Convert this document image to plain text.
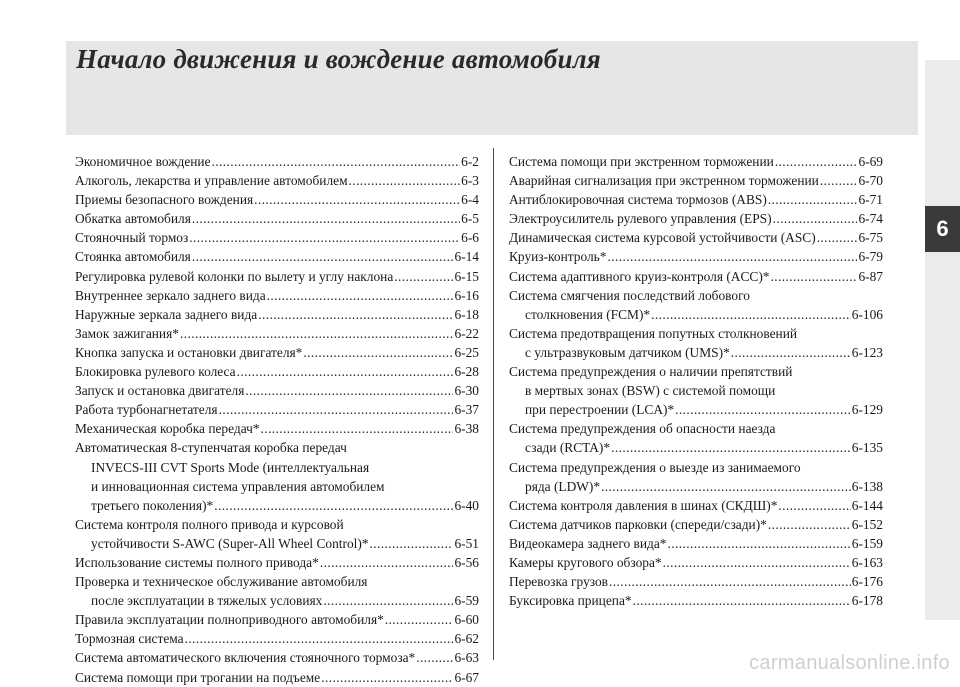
Начало движения и вождение автомобиля
6
Экономичное вождение .....	6-2
Алкоголь, лекарства и управление автомобилем .....	6-3
Приемы безопасного вождения .....	6-4
Обкатка автомобиля .....	6-5
Стояночный тормоз .....	6-6
Стоянка автомобиля .....	6-14
Регулировка рулевой колонки по вылету и углу наклона .....	6-15
Внутреннее зеркало заднего вида .....	6-16
Наружные зеркала заднего вида .....	6-18
Замок зажигания* .....	6-22
Кнопка запуска и остановки двигателя* .....	6-25
Блокировка рулевого колеса .....	6-28
Запуск и остановка двигателя .....	6-30
Работа турбонагнетателя .....	6-37
Механическая коробка передач* .....	6-38
Автоматическая 8-ступенчатая коробка передач
INVECS-III CVT Sports Mode (интеллектуальная
и инновационная система управления автомобилем
третьего поколения)* .....	6-40
Система контроля полного привода и курсовой
устойчивости S-AWC (Super-All Wheel Control)* .....	6-51
Использование системы полного привода* .....	6-56
Проверка и техническое обслуживание автомобиля
после эксплуатации в тяжелых условиях .....	6-59
Правила эксплуатации полноприводного автомобиля* .....	6-60
Тормозная система .....	6-62
Система автоматического включения стояночного тормоза* .....	6-63
Система помощи при трогании на подъеме .....	6-67
Система помощи при экстренном торможении .....	6-69
Аварийная сигнализация при экстренном торможении .....	6-70
Антиблокировочная система тормозов (ABS) .....	6-71
Электроусилитель рулевого управления (EPS) .....	6-74
Динамическая система курсовой устойчивости (ASC) .....	6-75
Круиз-контроль* .....	6-79
Система адаптивного круиз-контроля (ACC)* .....	6-87
Система смягчения последствий лобового
столкновения (FCM)* .....	6-106
Система предотвращения попутных столкновений
с ультразвуковым датчиком (UMS)* .....	6-123
Система предупреждения о наличии препятствий
в мертвых зонах (BSW) с системой помощи
при перестроении (LCA)* .....	6-129
Система предупреждения об опасности наезда
сзади (RCTA)* .....	6-135
Система предупреждения о выезде из занимаемого
ряда (LDW)* .....	6-138
Система контроля давления в шинах (СКДШ)* .....	6-144
Система датчиков парковки (спереди/сзади)* .....	6-152
Видеокамера заднего вида* .....	6-159
Камеры кругового обзора* .....	6-163
Перевозка грузов .....	6-176
Буксировка прицепа* .....	6-178
carmanualsonline.info
